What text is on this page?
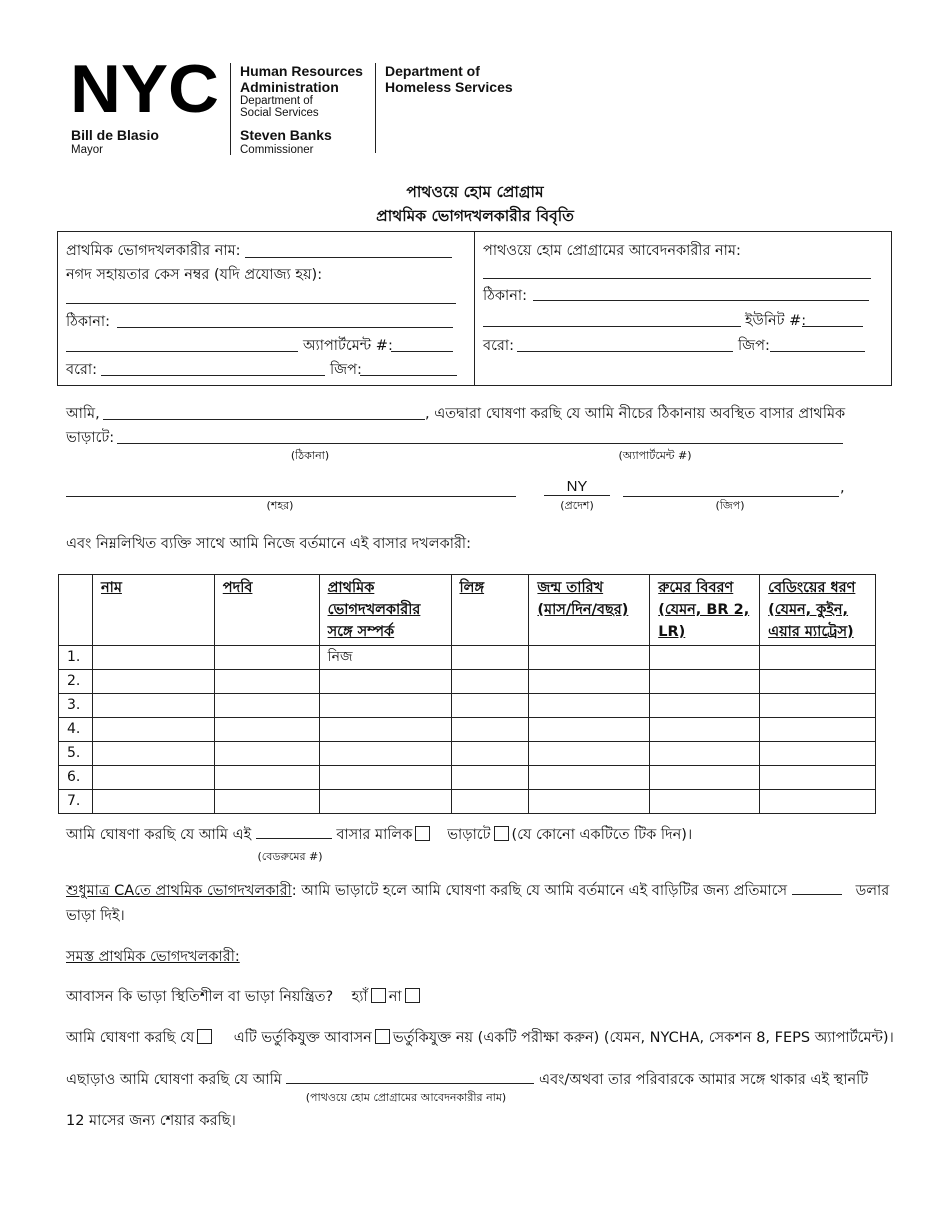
NYC
Bill de Blasio
Mayor
Human Resources
Administration
Department of
Social Services
Steven Banks
Commissioner
Department of
Homeless Services
পাথওয়ে হোম প্রোগ্রাম
প্রাথমিক ভোগদখলকারীর বিবৃতি
প্রাথমিক ভোগদখলকারীর নাম:
নগদ সহায়তার কেস নম্বর (যদি প্রযোজ্য হয়):
ঠিকানা:
অ্যাপার্টমেন্ট #:
বরো:	জিপ:
পাথওয়ে হোম প্রোগ্রামের আবেদনকারীর নাম:
ঠিকানা:
ইউনিট #:
বরো:	জিপ:
আমি,	, এতদ্বারা ঘোষণা করছি যে আমি নীচের ঠিকানায় অবস্থিত বাসার প্রাথমিক
ভাড়াটে:
(ঠিকানা)	(অ্যাপার্টমেন্ট #)
NY	,
(শহর)	(প্রদেশ)	(জিপ)
এবং নিম্নলিখিত ব্যক্তি সাথে আমি নিজে বর্তমানে এই বাসার দখলকারী:
	নাম	পদবি	প্রাথমিক ভোগদখলকারীর সঙ্গে সম্পর্ক	লিঙ্গ	জন্ম তারিখ (মাস/দিন/বছর)	রুমের বিবরণ (যেমন, BR 2, LR)	বেডিংয়ের ধরণ (যেমন, কুইন, এয়ার ম্যাট্রেস)
1.			নিজ				
2.							
3.							
4.							
5.							
6.							
7.							
আমি ঘোষণা করছি যে আমি এই	বাসার মালিক ভাড়াটে (যে কোনো একটিতে টিক দিন)।
(বেডরুমের #)
শুধুমাত্র CAতে প্রাথমিক ভোগদখলকারী: আমি ভাড়াটে হলে আমি ঘোষণা করছি যে আমি বর্তমানে এই বাড়িটির জন্য প্রতিমাসে	ডলার
ভাড়া দিই।
সমস্ত প্রাথমিক ভোগদখলকারী:
আবাসন কি ভাড়া স্থিতিশীল বা ভাড়া নিয়ন্ত্রিত? হ্যাঁ না
আমি ঘোষণা করছি যে	এটি ভর্তুকিযুক্ত আবাসন ভর্তুকিযুক্ত নয় (একটি পরীক্ষা করুন) (যেমন, NYCHA, সেকশন 8, FEPS অ্যাপার্টমেন্ট)।
এছাড়াও আমি ঘোষণা করছি যে আমি	এবং/অথবা তার পরিবারকে আমার সঙ্গে থাকার এই স্থানটি
(পাথওয়ে হোম প্রোগ্রামের আবেদনকারীর নাম)
12 মাসের জন্য শেয়ার করছি।
